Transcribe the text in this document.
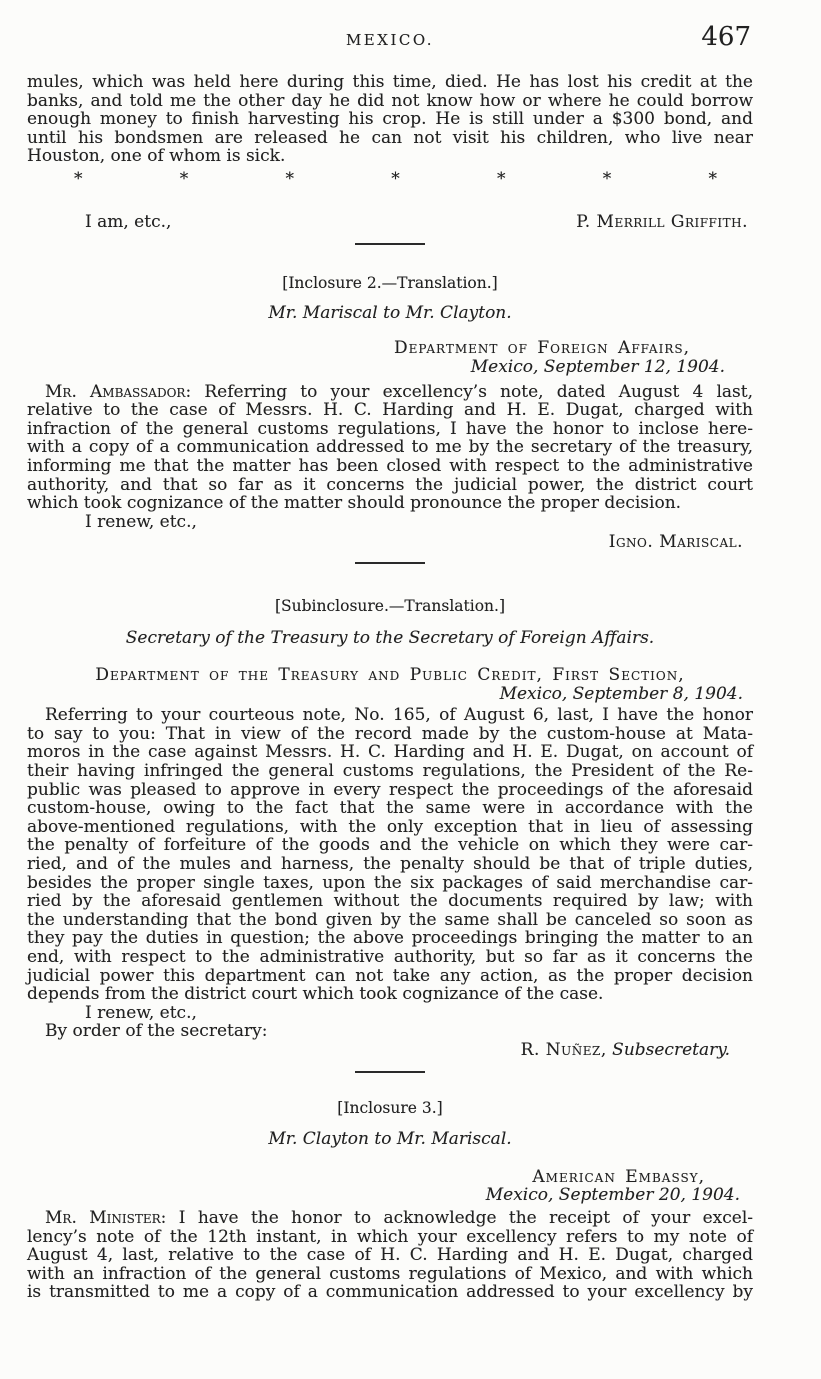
MEXICO.	467
mules, which was held here during this time, died. He has lost his credit at the
banks, and told me the other day he did not know how or where he could borrow
enough money to finish harvesting his crop. He is still under a $300 bond, and
until his bondsmen are released he can not visit his children, who live near
Houston, one of whom is sick.
*	*	*	*	*	*	*
I am, etc.,	P. Merrill Griffith.
[Inclosure 2.—Translation.]
Mr. Mariscal to Mr. Clayton.
Department of Foreign Affairs,
Mexico, September 12, 1904.
Mr. Ambassador: Referring to your excellency’s note, dated August 4 last,
relative to the case of Messrs. H. C. Harding and H. E. Dugat, charged with
infraction of the general customs regulations, I have the honor to inclose here-
with a copy of a communication addressed to me by the secretary of the treasury,
informing me that the matter has been closed with respect to the administrative
authority, and that so far as it concerns the judicial power, the district court
which took cognizance of the matter should pronounce the proper decision.
I renew, etc.,
Igno. Mariscal.
[Subinclosure.—Translation.]
Secretary of the Treasury to the Secretary of Foreign Affairs.
Department of the Treasury and Public Credit, First Section,
Mexico, September 8, 1904.
Referring to your courteous note, No. 165, of August 6, last, I have the honor
to say to you: That in view of the record made by the custom-house at Mata-
moros in the case against Messrs. H. C. Harding and H. E. Dugat, on account of
their having infringed the general customs regulations, the President of the Re-
public was pleased to approve in every respect the proceedings of the aforesaid
custom-house, owing to the fact that the same were in accordance with the
above-mentioned regulations, with the only exception that in lieu of assessing
the penalty of forfeiture of the goods and the vehicle on which they were car-
ried, and of the mules and harness, the penalty should be that of triple duties,
besides the proper single taxes, upon the six packages of said merchandise car-
ried by the aforesaid gentlemen without the documents required by law; with
the understanding that the bond given by the same shall be canceled so soon as
they pay the duties in question; the above proceedings bringing the matter to an
end, with respect to the administrative authority, but so far as it concerns the
judicial power this department can not take any action, as the proper decision
depends from the district court which took cognizance of the case.
I renew, etc.,
By order of the secretary:
R. Nuñez, Subsecretary.
[Inclosure 3.]
Mr. Clayton to Mr. Mariscal.
American Embassy,
Mexico, September 20, 1904.
Mr. Minister: I have the honor to acknowledge the receipt of your excel-
lency’s note of the 12th instant, in which your excellency refers to my note of
August 4, last, relative to the case of H. C. Harding and H. E. Dugat, charged
with an infraction of the general customs regulations of Mexico, and with which
is transmitted to me a copy of a communication addressed to your excellency by
